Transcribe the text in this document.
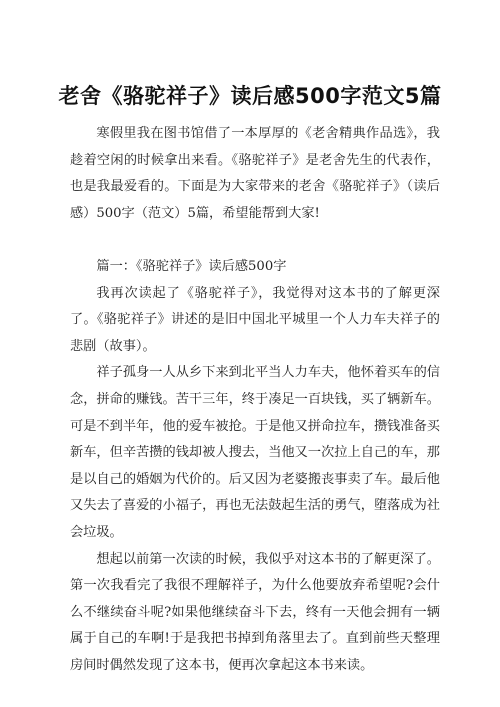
老舍《骆驼祥子》读后感500字范文5篇

寒假里我在图书馆借了一本厚厚的《老舍精典作品选》，我趁着空闲的时候拿出来看。《骆驼祥子》是老舍先生的代表作，也是我最爱看的。下面是为大家带来的老舍《骆驼祥子》（读后感）500字（范文）5篇，希望能帮到大家!

篇一：《骆驼祥子》读后感500字

我再次读起了《骆驼祥子》，我觉得对这本书的了解更深了。《骆驼祥子》讲述的是旧中国北平城里一个人力车夫祥子的悲剧（故事）。

祥子孤身一人从乡下来到北平当人力车夫，他怀着买车的信念，拼命的赚钱。苦干三年，终于凑足一百块钱，买了辆新车。可是不到半年，他的爱车被抢。于是他又拼命拉车，攒钱准备买新车，但辛苦攒的钱却被人搜去，当他又一次拉上自己的车，那是以自己的婚姻为代价的。后又因为老婆搬丧事卖了车。最后他又失去了喜爱的小福子，再也无法鼓起生活的勇气，堕落成为社会垃圾。

想起以前第一次读的时候，我似乎对这本书的了解更深了。第一次我看完了我很不理解祥子，为什么他要放弃希望呢?会什么不继续奋斗呢?如果他继续奋斗下去，终有一天他会拥有一辆属于自己的车啊!于是我把书掉到角落里去了。直到前些天整理房间时偶然发现了这本书，便再次拿起这本书来读。
